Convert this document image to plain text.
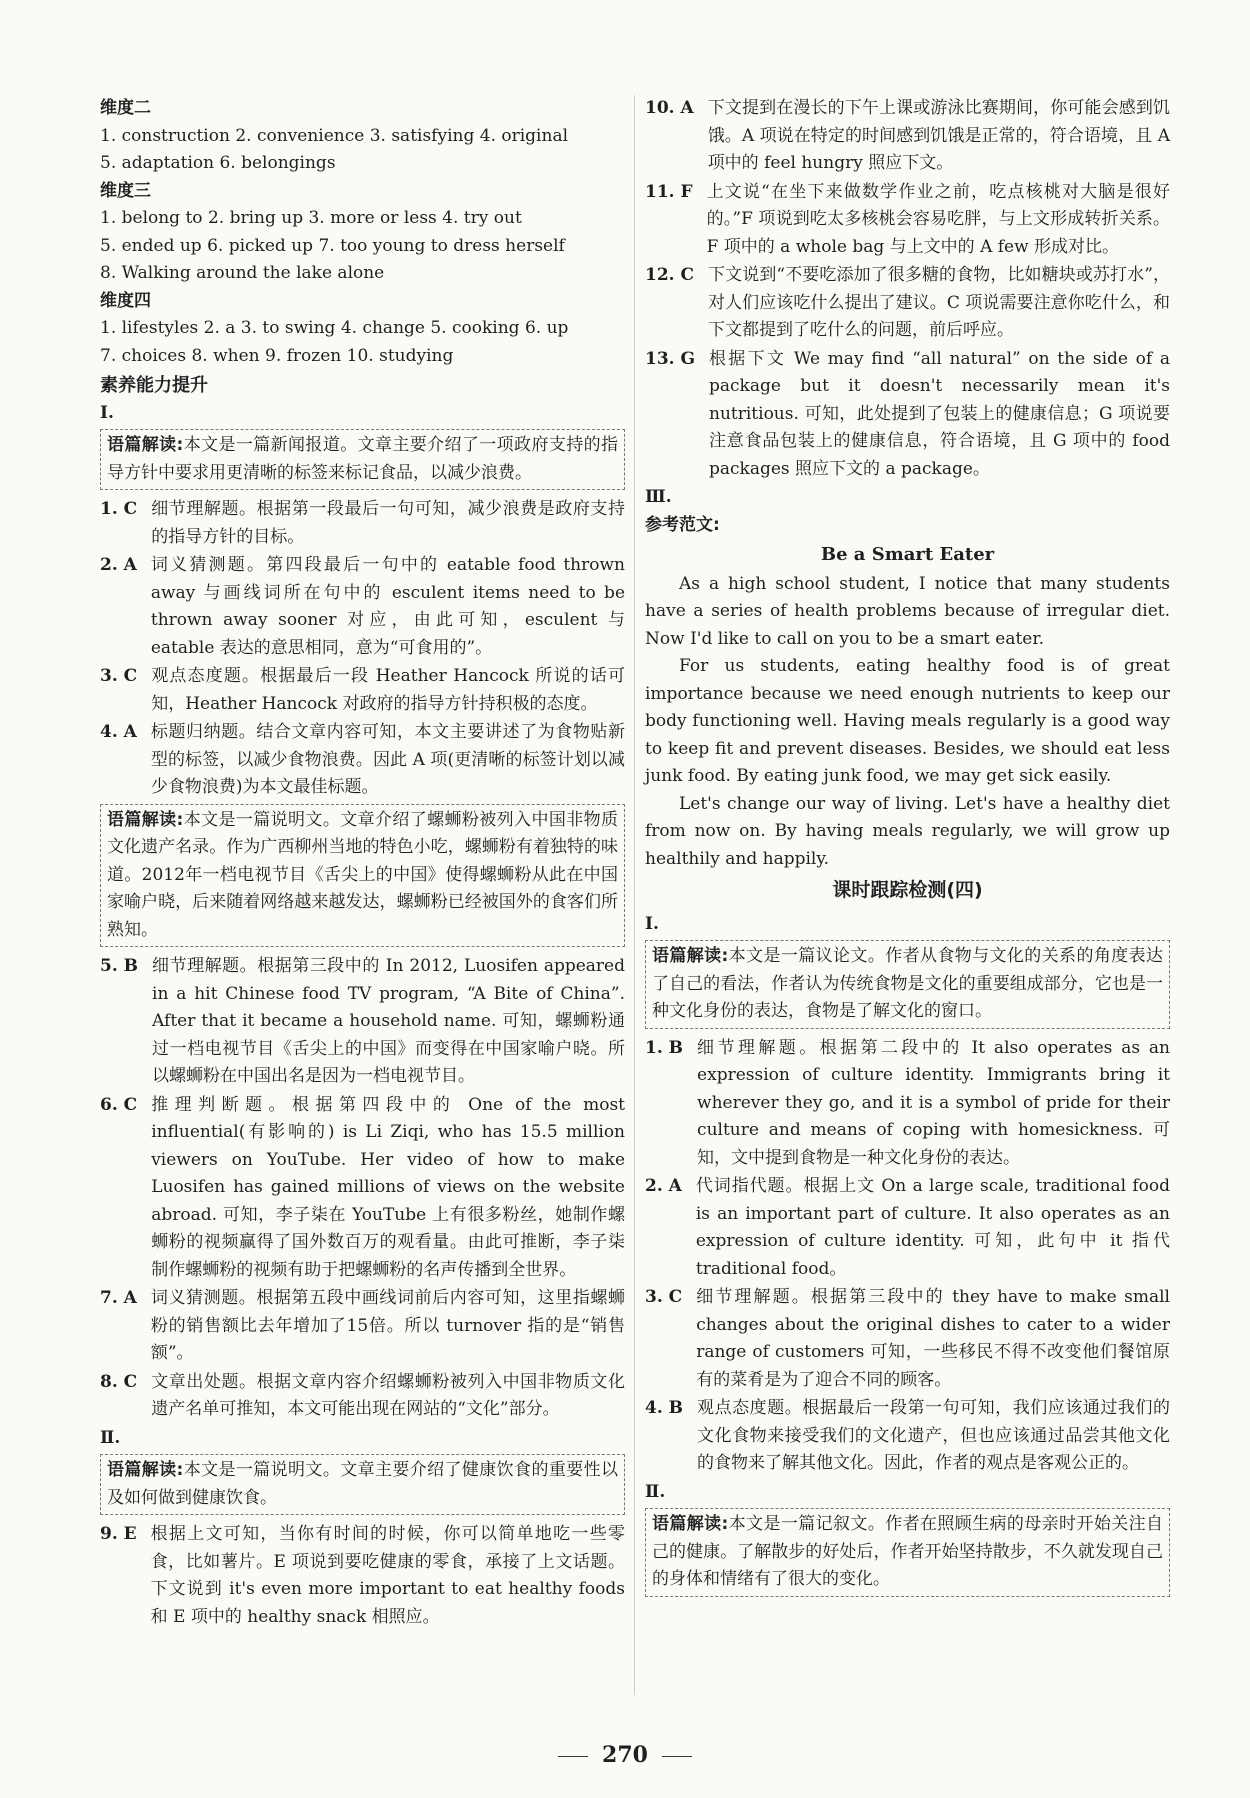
维度二
1. construction 2. convenience 3. satisfying 4. original
5. adaptation 6. belongings
维度三
1. belong to 2. bring up 3. more or less 4. try out
5. ended up 6. picked up 7. too young to dress herself
8. Walking around the lake alone
维度四
1. lifestyles 2. a 3. to swing 4. change 5. cooking 6. up
7. choices 8. when 9. frozen 10. studying
素养能力提升
Ⅰ.
语篇解读:本文是一篇新闻报道。文章主要介绍了一项政府支持的指导方针中要求用更清晰的标签来标记食品，以减少浪费。
1. C 细节理解题。根据第一段最后一句可知，减少浪费是政府支持的指导方针的目标。
2. A 词义猜测题。第四段最后一句中的 eatable food thrown away 与画线词所在句中的 esculent items need to be thrown away sooner 对应，由此可知，esculent 与 eatable 表达的意思相同，意为“可食用的”。
3. C 观点态度题。根据最后一段 Heather Hancock 所说的话可知，Heather Hancock 对政府的指导方针持积极的态度。
4. A 标题归纳题。结合文章内容可知，本文主要讲述了为食物贴新型的标签，以减少食物浪费。因此 A 项(更清晰的标签计划以减少食物浪费)为本文最佳标题。
语篇解读:本文是一篇说明文。文章介绍了螺蛳粉被列入中国非物质文化遗产名录。作为广西柳州当地的特色小吃，螺蛳粉有着独特的味道。2012年一档电视节目《舌尖上的中国》使得螺蛳粉从此在中国家喻户晓，后来随着网络越来越发达，螺蛳粉已经被国外的食客们所熟知。
5. B 细节理解题。根据第三段中的 In 2012, Luosifen appeared in a hit Chinese food TV program, “A Bite of China”. After that it became a household name. 可知，螺蛳粉通过一档电视节目《舌尖上的中国》而变得在中国家喻户晓。所以螺蛳粉在中国出名是因为一档电视节目。
6. C 推理判断题。根据第四段中的 One of the most influential(有影响的) is Li Ziqi, who has 15.5 million viewers on YouTube. Her video of how to make Luosifen has gained millions of views on the website abroad. 可知，李子柒在 YouTube 上有很多粉丝，她制作螺蛳粉的视频赢得了国外数百万的观看量。由此可推断，李子柒制作螺蛳粉的视频有助于把螺蛳粉的名声传播到全世界。
7. A 词义猜测题。根据第五段中画线词前后内容可知，这里指螺蛳粉的销售额比去年增加了15倍。所以 turnover 指的是“销售额”。
8. C 文章出处题。根据文章内容介绍螺蛳粉被列入中国非物质文化遗产名单可推知，本文可能出现在网站的“文化”部分。
Ⅱ.
语篇解读:本文是一篇说明文。文章主要介绍了健康饮食的重要性以及如何做到健康饮食。
9. E 根据上文可知，当你有时间的时候，你可以简单地吃一些零食，比如薯片。E 项说到要吃健康的零食，承接了上文话题。下文说到 it's even more important to eat healthy foods 和 E 项中的 healthy snack 相照应。
10. A 下文提到在漫长的下午上课或游泳比赛期间，你可能会感到饥饿。A 项说在特定的时间感到饥饿是正常的，符合语境，且 A 项中的 feel hungry 照应下文。
11. F 上文说“在坐下来做数学作业之前，吃点核桃对大脑是很好的。”F 项说到吃太多核桃会容易吃胖，与上文形成转折关系。F 项中的 a whole bag 与上文中的 A few 形成对比。
12. C 下文说到“不要吃添加了很多糖的食物，比如糖块或苏打水”，对人们应该吃什么提出了建议。C 项说需要注意你吃什么，和下文都提到了吃什么的问题，前后呼应。
13. G 根据下文 We may find “all natural” on the side of a package but it doesn't necessarily mean it's nutritious. 可知，此处提到了包装上的健康信息；G 项说要注意食品包装上的健康信息，符合语境，且 G 项中的 food packages 照应下文的 a package。
Ⅲ.
参考范文:
Be a Smart Eater
As a high school student, I notice that many students have a series of health problems because of irregular diet. Now I'd like to call on you to be a smart eater.
For us students, eating healthy food is of great importance because we need enough nutrients to keep our body functioning well. Having meals regularly is a good way to keep fit and prevent diseases. Besides, we should eat less junk food. By eating junk food, we may get sick easily.
Let's change our way of living. Let's have a healthy diet from now on. By having meals regularly, we will grow up healthily and happily.
课时跟踪检测(四)
Ⅰ.
语篇解读:本文是一篇议论文。作者从食物与文化的关系的角度表达了自己的看法，作者认为传统食物是文化的重要组成部分，它也是一种文化身份的表达，食物是了解文化的窗口。
1. B 细节理解题。根据第二段中的 It also operates as an expression of culture identity. Immigrants bring it wherever they go, and it is a symbol of pride for their culture and means of coping with homesickness. 可知，文中提到食物是一种文化身份的表达。
2. A 代词指代题。根据上文 On a large scale, traditional food is an important part of culture. It also operates as an expression of culture identity. 可知，此句中 it 指代 traditional food。
3. C 细节理解题。根据第三段中的 they have to make small changes about the original dishes to cater to a wider range of customers 可知，一些移民不得不改变他们餐馆原有的菜肴是为了迎合不同的顾客。
4. B 观点态度题。根据最后一段第一句可知，我们应该通过我们的文化食物来接受我们的文化遗产，但也应该通过品尝其他文化的食物来了解其他文化。因此，作者的观点是客观公正的。
Ⅱ.
语篇解读:本文是一篇记叙文。作者在照顾生病的母亲时开始关注自己的健康。了解散步的好处后，作者开始坚持散步，不久就发现自己的身体和情绪有了很大的变化。
270
